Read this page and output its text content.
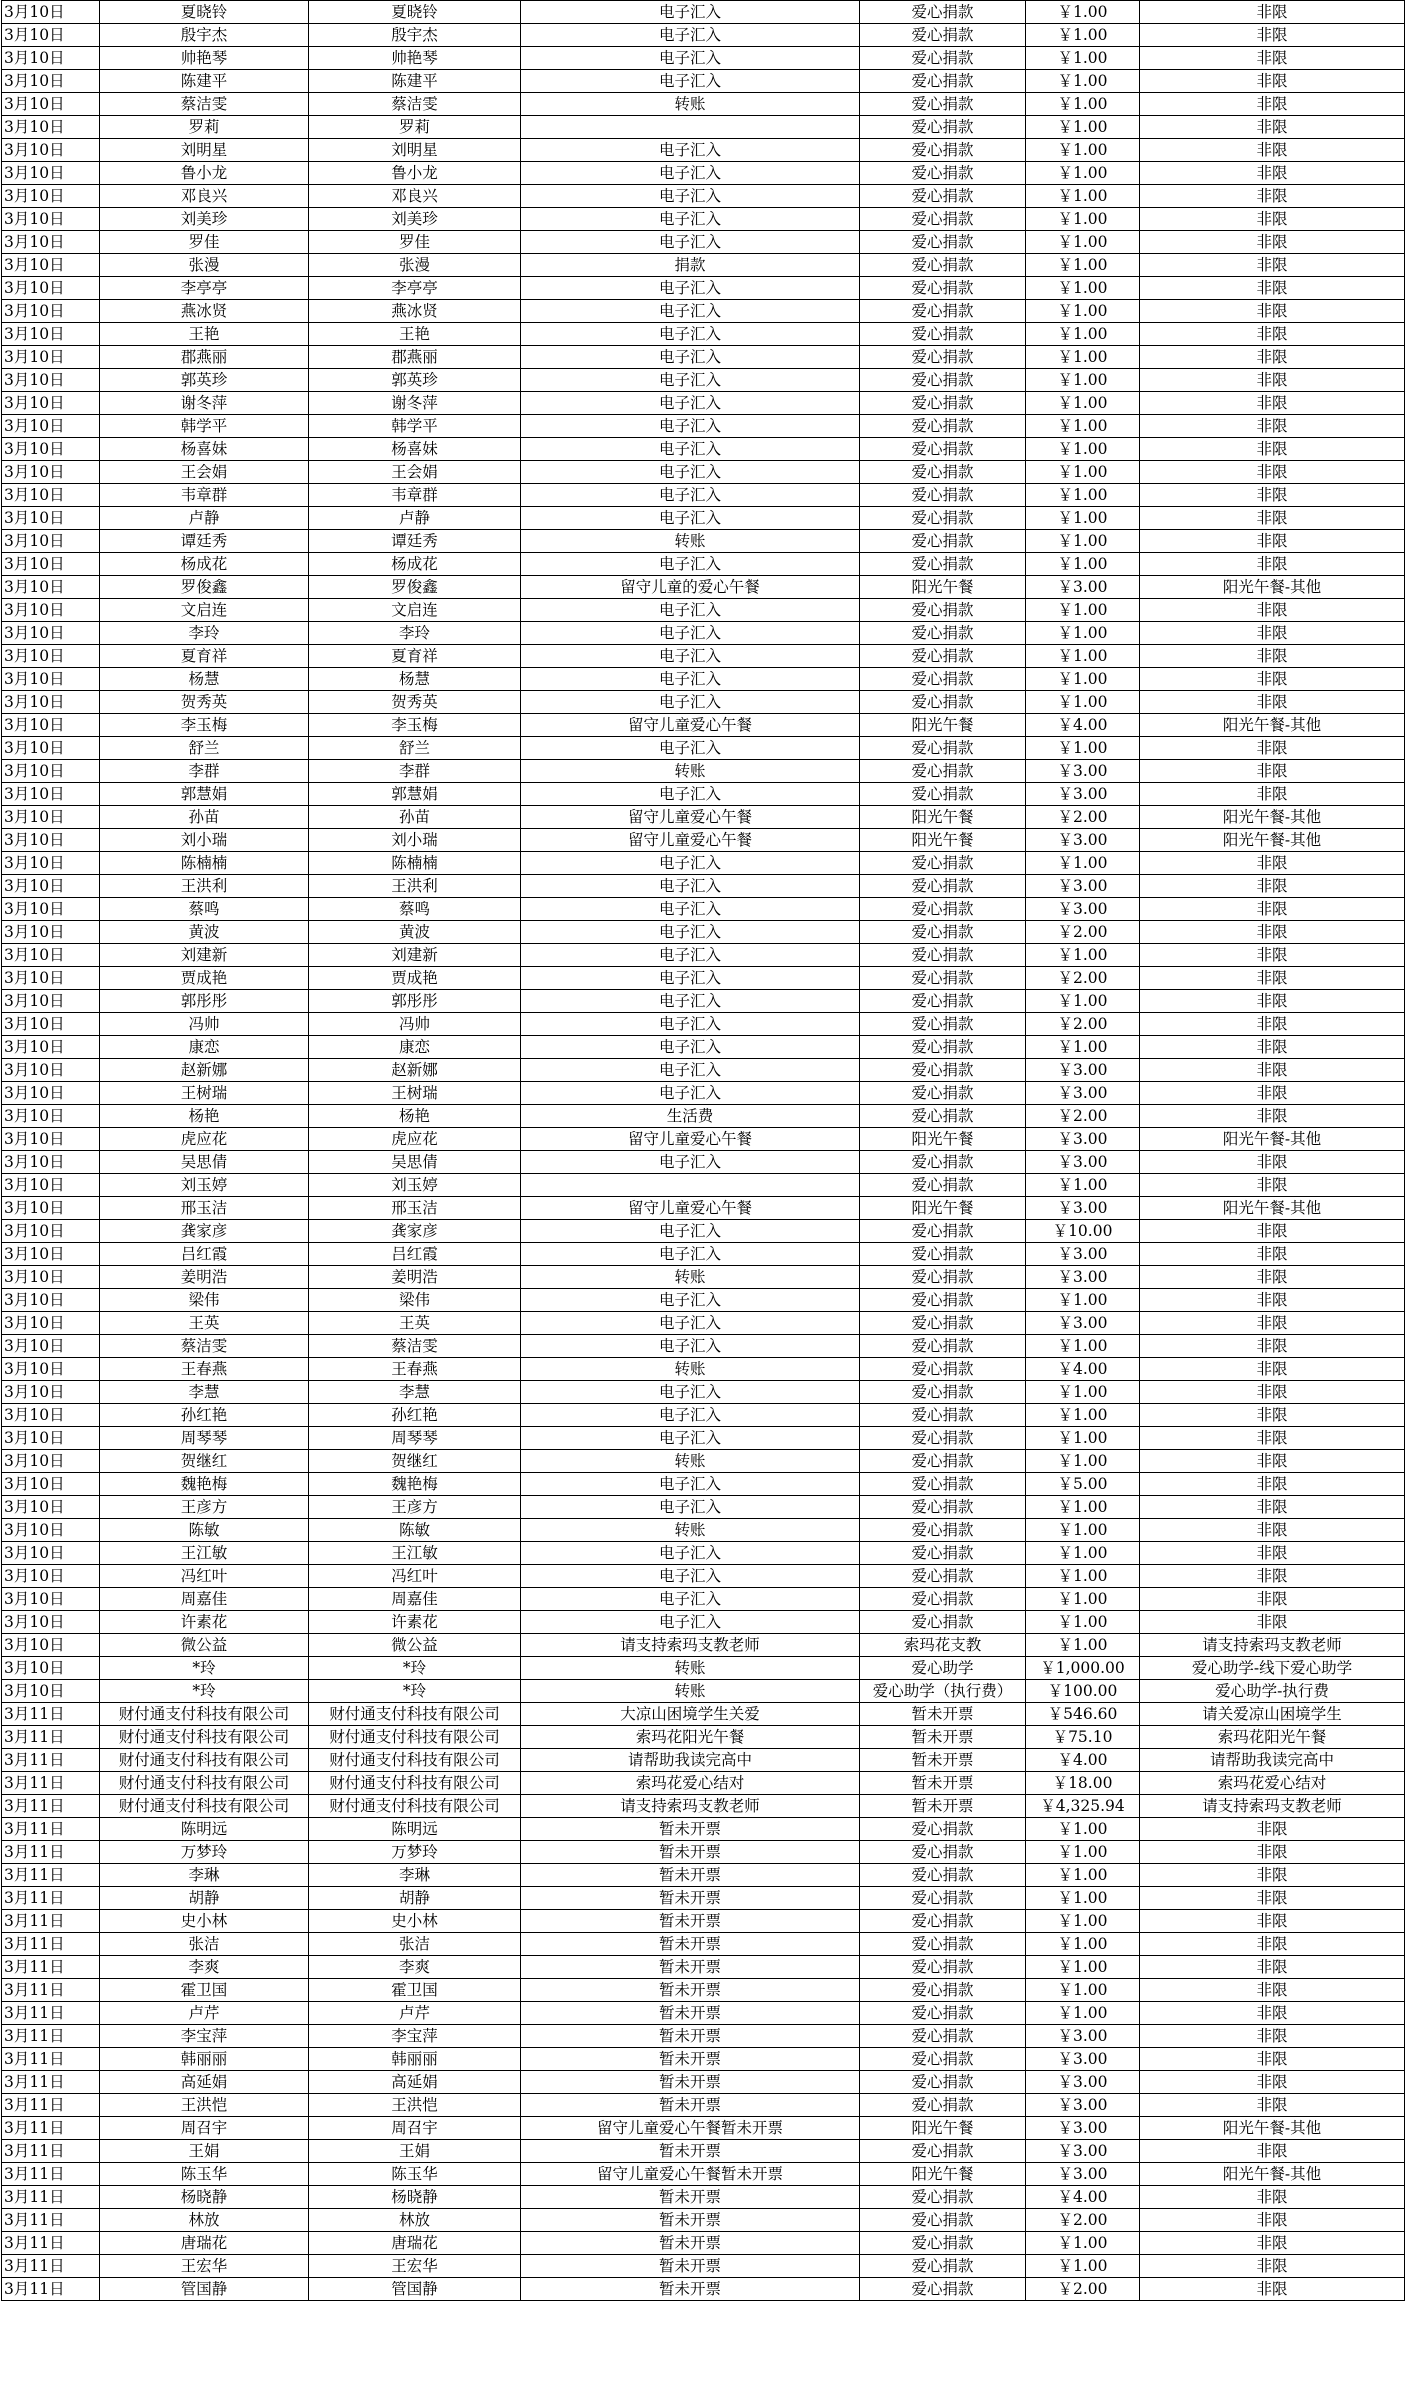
3月10日	夏晓铃	夏晓铃	电子汇入	爱心捐款	￥1.00	非限
3月10日	殷宇杰	殷宇杰	电子汇入	爱心捐款	￥1.00	非限
3月10日	帅艳琴	帅艳琴	电子汇入	爱心捐款	￥1.00	非限
3月10日	陈建平	陈建平	电子汇入	爱心捐款	￥1.00	非限
3月10日	蔡洁雯	蔡洁雯	转账	爱心捐款	￥1.00	非限
3月10日	罗莉	罗莉		爱心捐款	￥1.00	非限
3月10日	刘明星	刘明星	电子汇入	爱心捐款	￥1.00	非限
3月10日	鲁小龙	鲁小龙	电子汇入	爱心捐款	￥1.00	非限
3月10日	邓良兴	邓良兴	电子汇入	爱心捐款	￥1.00	非限
3月10日	刘美珍	刘美珍	电子汇入	爱心捐款	￥1.00	非限
3月10日	罗佳	罗佳	电子汇入	爱心捐款	￥1.00	非限
3月10日	张漫	张漫	捐款	爱心捐款	￥1.00	非限
3月10日	李亭亭	李亭亭	电子汇入	爱心捐款	￥1.00	非限
3月10日	燕冰贤	燕冰贤	电子汇入	爱心捐款	￥1.00	非限
3月10日	王艳	王艳	电子汇入	爱心捐款	￥1.00	非限
3月10日	郡燕丽	郡燕丽	电子汇入	爱心捐款	￥1.00	非限
3月10日	郭英珍	郭英珍	电子汇入	爱心捐款	￥1.00	非限
3月10日	谢冬萍	谢冬萍	电子汇入	爱心捐款	￥1.00	非限
3月10日	韩学平	韩学平	电子汇入	爱心捐款	￥1.00	非限
3月10日	杨喜妹	杨喜妹	电子汇入	爱心捐款	￥1.00	非限
3月10日	王会娟	王会娟	电子汇入	爱心捐款	￥1.00	非限
3月10日	韦章群	韦章群	电子汇入	爱心捐款	￥1.00	非限
3月10日	卢静	卢静	电子汇入	爱心捐款	￥1.00	非限
3月10日	谭廷秀	谭廷秀	转账	爱心捐款	￥1.00	非限
3月10日	杨成花	杨成花	电子汇入	爱心捐款	￥1.00	非限
3月10日	罗俊鑫	罗俊鑫	留守儿童的爱心午餐	阳光午餐	￥3.00	阳光午餐-其他
3月10日	文启连	文启连	电子汇入	爱心捐款	￥1.00	非限
3月10日	李玲	李玲	电子汇入	爱心捐款	￥1.00	非限
3月10日	夏育祥	夏育祥	电子汇入	爱心捐款	￥1.00	非限
3月10日	杨慧	杨慧	电子汇入	爱心捐款	￥1.00	非限
3月10日	贺秀英	贺秀英	电子汇入	爱心捐款	￥1.00	非限
3月10日	李玉梅	李玉梅	留守儿童爱心午餐	阳光午餐	￥4.00	阳光午餐-其他
3月10日	舒兰	舒兰	电子汇入	爱心捐款	￥1.00	非限
3月10日	李群	李群	转账	爱心捐款	￥3.00	非限
3月10日	郭慧娟	郭慧娟	电子汇入	爱心捐款	￥3.00	非限
3月10日	孙苗	孙苗	留守儿童爱心午餐	阳光午餐	￥2.00	阳光午餐-其他
3月10日	刘小瑞	刘小瑞	留守儿童爱心午餐	阳光午餐	￥3.00	阳光午餐-其他
3月10日	陈楠楠	陈楠楠	电子汇入	爱心捐款	￥1.00	非限
3月10日	王洪利	王洪利	电子汇入	爱心捐款	￥3.00	非限
3月10日	蔡鸣	蔡鸣	电子汇入	爱心捐款	￥3.00	非限
3月10日	黄波	黄波	电子汇入	爱心捐款	￥2.00	非限
3月10日	刘建新	刘建新	电子汇入	爱心捐款	￥1.00	非限
3月10日	贾成艳	贾成艳	电子汇入	爱心捐款	￥2.00	非限
3月10日	郭彤彤	郭彤彤	电子汇入	爱心捐款	￥1.00	非限
3月10日	冯帅	冯帅	电子汇入	爱心捐款	￥2.00	非限
3月10日	康恋	康恋	电子汇入	爱心捐款	￥1.00	非限
3月10日	赵新娜	赵新娜	电子汇入	爱心捐款	￥3.00	非限
3月10日	王树瑞	王树瑞	电子汇入	爱心捐款	￥3.00	非限
3月10日	杨艳	杨艳	生活费	爱心捐款	￥2.00	非限
3月10日	虎应花	虎应花	留守儿童爱心午餐	阳光午餐	￥3.00	阳光午餐-其他
3月10日	吴思倩	吴思倩	电子汇入	爱心捐款	￥3.00	非限
3月10日	刘玉婷	刘玉婷		爱心捐款	￥1.00	非限
3月10日	邢玉洁	邢玉洁	留守儿童爱心午餐	阳光午餐	￥3.00	阳光午餐-其他
3月10日	龚家彦	龚家彦	电子汇入	爱心捐款	￥10.00	非限
3月10日	吕红霞	吕红霞	电子汇入	爱心捐款	￥3.00	非限
3月10日	姜明浩	姜明浩	转账	爱心捐款	￥3.00	非限
3月10日	梁伟	梁伟	电子汇入	爱心捐款	￥1.00	非限
3月10日	王英	王英	电子汇入	爱心捐款	￥3.00	非限
3月10日	蔡洁雯	蔡洁雯	电子汇入	爱心捐款	￥1.00	非限
3月10日	王春燕	王春燕	转账	爱心捐款	￥4.00	非限
3月10日	李慧	李慧	电子汇入	爱心捐款	￥1.00	非限
3月10日	孙红艳	孙红艳	电子汇入	爱心捐款	￥1.00	非限
3月10日	周琴琴	周琴琴	电子汇入	爱心捐款	￥1.00	非限
3月10日	贺继红	贺继红	转账	爱心捐款	￥1.00	非限
3月10日	魏艳梅	魏艳梅	电子汇入	爱心捐款	￥5.00	非限
3月10日	王彦方	王彦方	电子汇入	爱心捐款	￥1.00	非限
3月10日	陈敏	陈敏	转账	爱心捐款	￥1.00	非限
3月10日	王江敏	王江敏	电子汇入	爱心捐款	￥1.00	非限
3月10日	冯红叶	冯红叶	电子汇入	爱心捐款	￥1.00	非限
3月10日	周嘉佳	周嘉佳	电子汇入	爱心捐款	￥1.00	非限
3月10日	许素花	许素花	电子汇入	爱心捐款	￥1.00	非限
3月10日	微公益	微公益	请支持索玛支教老师	索玛花支教	￥1.00	请支持索玛支教老师
3月10日	*玲	*玲	转账	爱心助学	￥1,000.00	爱心助学-线下爱心助学
3月10日	*玲	*玲	转账	爱心助学（执行费）	￥100.00	爱心助学-执行费
3月11日	财付通支付科技有限公司	财付通支付科技有限公司	大凉山困境学生关爱	暂未开票	￥546.60	请关爱凉山困境学生
3月11日	财付通支付科技有限公司	财付通支付科技有限公司	索玛花阳光午餐	暂未开票	￥75.10	索玛花阳光午餐
3月11日	财付通支付科技有限公司	财付通支付科技有限公司	请帮助我读完高中	暂未开票	￥4.00	请帮助我读完高中
3月11日	财付通支付科技有限公司	财付通支付科技有限公司	索玛花爱心结对	暂未开票	￥18.00	索玛花爱心结对
3月11日	财付通支付科技有限公司	财付通支付科技有限公司	请支持索玛支教老师	暂未开票	￥4,325.94	请支持索玛支教老师
3月11日	陈明远	陈明远	暂未开票	爱心捐款	￥1.00	非限
3月11日	万梦玲	万梦玲	暂未开票	爱心捐款	￥1.00	非限
3月11日	李琳	李琳	暂未开票	爱心捐款	￥1.00	非限
3月11日	胡静	胡静	暂未开票	爱心捐款	￥1.00	非限
3月11日	史小林	史小林	暂未开票	爱心捐款	￥1.00	非限
3月11日	张洁	张洁	暂未开票	爱心捐款	￥1.00	非限
3月11日	李爽	李爽	暂未开票	爱心捐款	￥1.00	非限
3月11日	霍卫国	霍卫国	暂未开票	爱心捐款	￥1.00	非限
3月11日	卢芹	卢芹	暂未开票	爱心捐款	￥1.00	非限
3月11日	李宝萍	李宝萍	暂未开票	爱心捐款	￥3.00	非限
3月11日	韩丽丽	韩丽丽	暂未开票	爱心捐款	￥3.00	非限
3月11日	高延娟	高延娟	暂未开票	爱心捐款	￥3.00	非限
3月11日	王洪恺	王洪恺	暂未开票	爱心捐款	￥3.00	非限
3月11日	周召宇	周召宇	留守儿童爱心午餐暂未开票	阳光午餐	￥3.00	阳光午餐-其他
3月11日	王娟	王娟	暂未开票	爱心捐款	￥3.00	非限
3月11日	陈玉华	陈玉华	留守儿童爱心午餐暂未开票	阳光午餐	￥3.00	阳光午餐-其他
3月11日	杨晓静	杨晓静	暂未开票	爱心捐款	￥4.00	非限
3月11日	林放	林放	暂未开票	爱心捐款	￥2.00	非限
3月11日	唐瑞花	唐瑞花	暂未开票	爱心捐款	￥1.00	非限
3月11日	王宏华	王宏华	暂未开票	爱心捐款	￥1.00	非限
3月11日	管国静	管国静	暂未开票	爱心捐款	￥2.00	非限
